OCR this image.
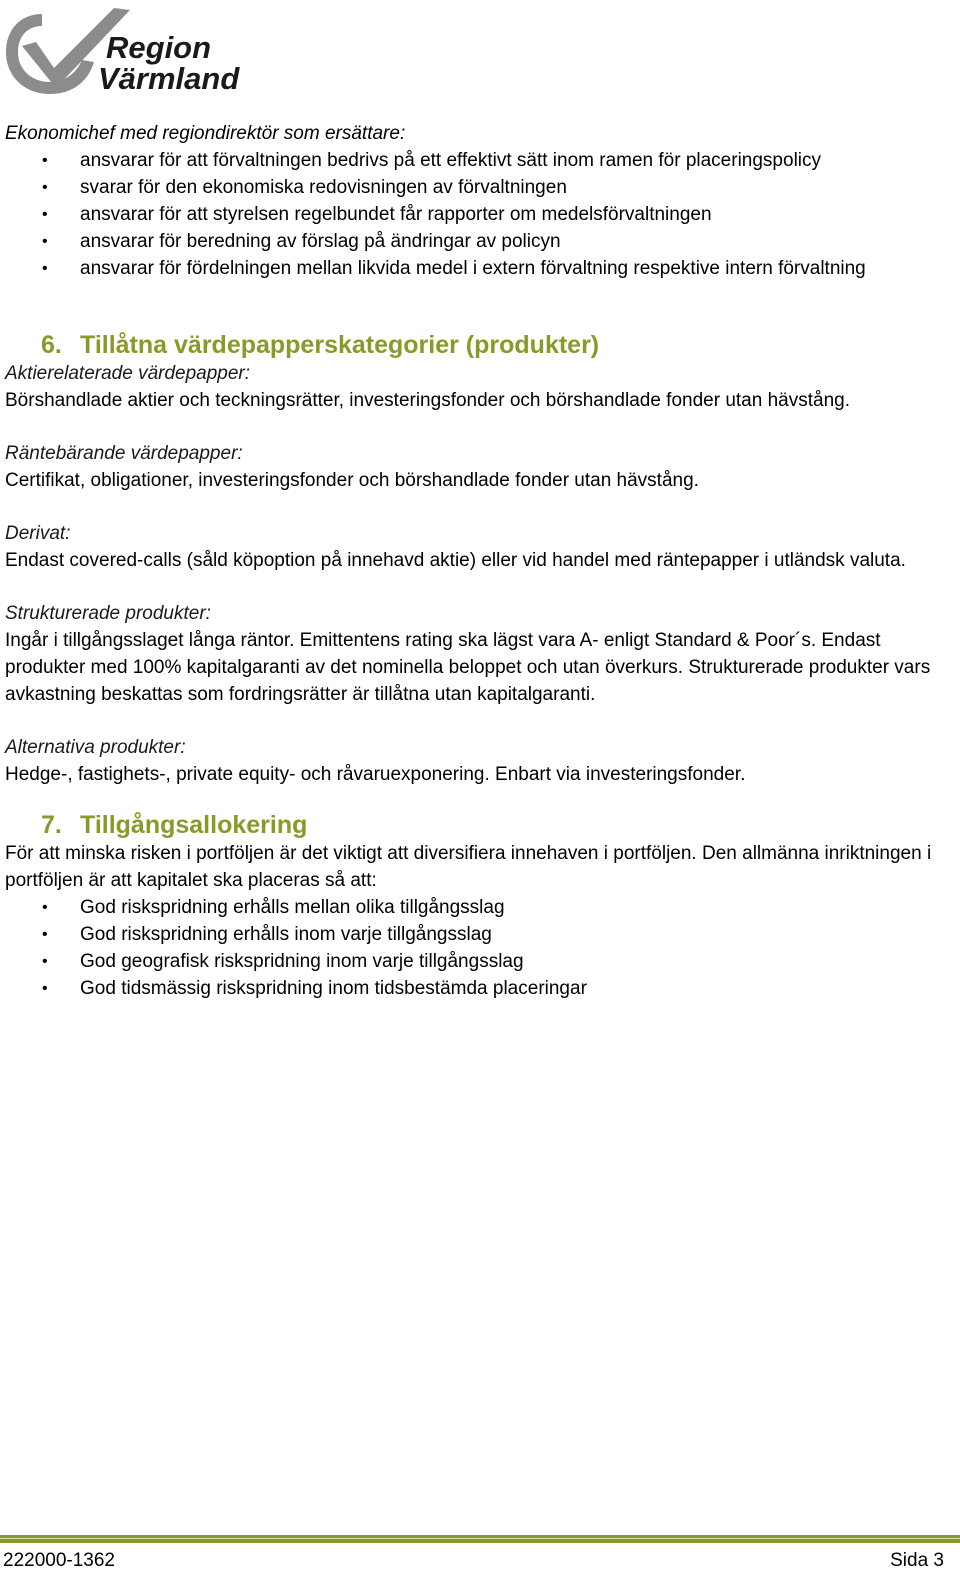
Region
Värmland

Ekonomichef med regiondirektör som ersättare:

• ansvarar för att förvaltningen bedrivs på ett effektivt sätt inom ramen för placeringspolicy
• svarar för den ekonomiska redovisningen av förvaltningen
• ansvarar för att styrelsen regelbundet får rapporter om medelsförvaltningen
• ansvarar för beredning av förslag på ändringar av policyn
• ansvarar för fördelningen mellan likvida medel i extern förvaltning respektive intern förvaltning
6. Tillåtna värdepapperskategorier (produkter)

Aktierelaterade värdepapper:

Börshandlade aktier och teckningsrätter, investeringsfonder och börshandlade fonder utan hävstång.

Räntebärande värdepapper:

Certifikat, obligationer, investeringsfonder och börshandlade fonder utan hävstång.

Derivat:

Endast covered-calls (såld köpoption på innehavd aktie) eller vid handel med räntepapper i utländsk valuta.

Strukturerade produkter:

Ingår i tillgångsslaget långa räntor. Emittentens rating ska lägst vara A- enligt Standard & Poor´s. Endast produkter med 100% kapitalgaranti av det nominella beloppet och utan överkurs. Strukturerade produkter vars avkastning beskattas som fordringsrätter är tillåtna utan kapitalgaranti.

Alternativa produkter:

Hedge-, fastighets-, private equity- och råvaruexponering. Enbart via investeringsfonder.

7. Tillgångsallokering

För att minska risken i portföljen är det viktigt att diversifiera innehaven i portföljen. Den allmänna inriktningen i portföljen är att kapitalet ska placeras så att:

• God riskspridning erhålls mellan olika tillgångsslag
• God riskspridning erhålls inom varje tillgångsslag
• God geografisk riskspridning inom varje tillgångsslag
• God tidsmässig riskspridning inom tidsbestämda placeringar
222000-1362	Sida 3
